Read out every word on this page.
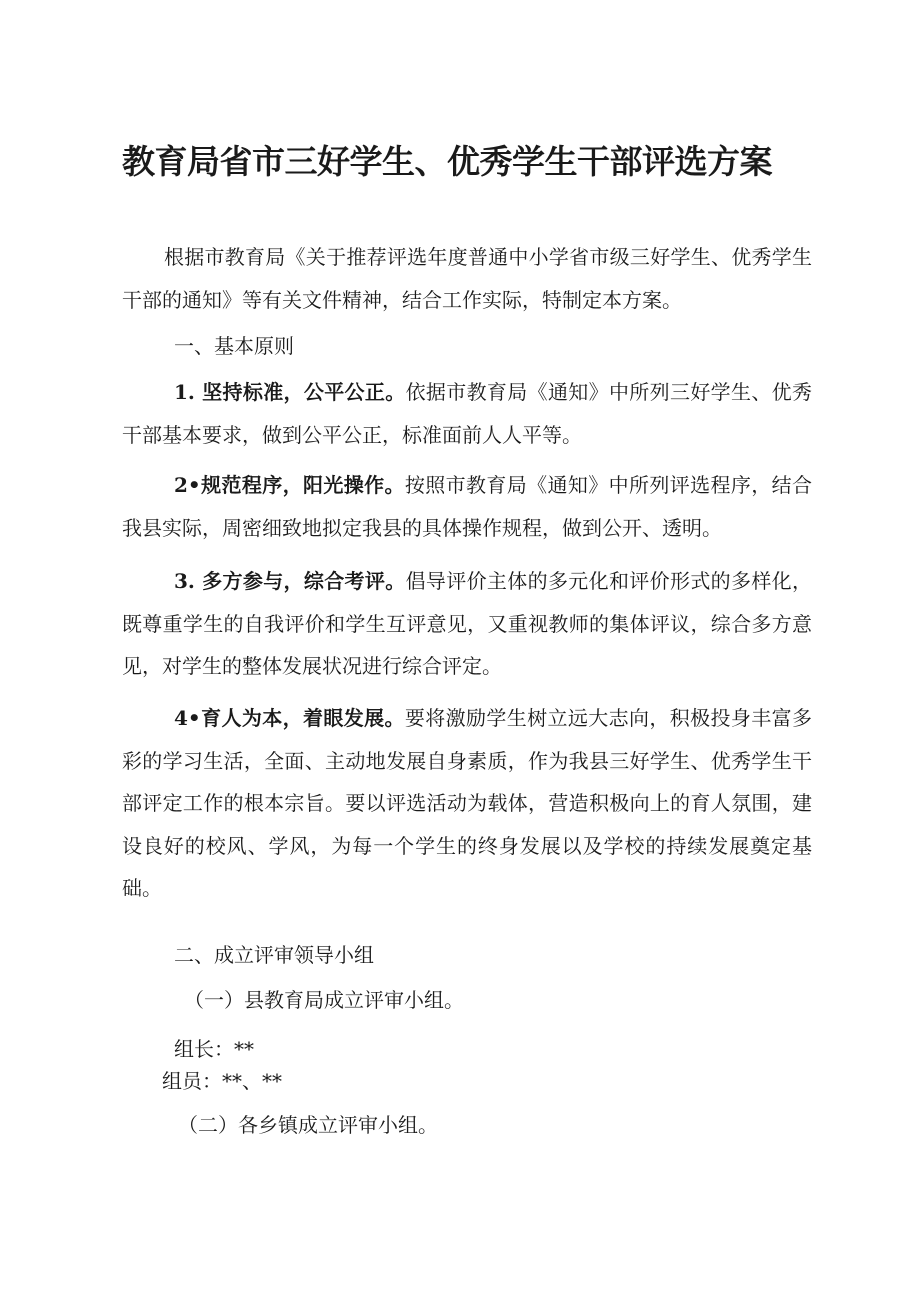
教育局省市三好学生、优秀学生干部评选方案

根据市教育局《关于推荐评选年度普通中小学省市级三好学生、优秀学生干部的通知》等有关文件精神，结合工作实际，特制定本方案。

一、基本原则

1. 坚持标准，公平公正。依据市教育局《通知》中所列三好学生、优秀干部基本要求，做到公平公正，标准面前人人平等。

2•规范程序，阳光操作。按照市教育局《通知》中所列评选程序，结合我县实际，周密细致地拟定我县的具体操作规程，做到公开、透明。

3. 多方参与，综合考评。倡导评价主体的多元化和评价形式的多样化，既尊重学生的自我评价和学生互评意见，又重视教师的集体评议，综合多方意见，对学生的整体发展状况进行综合评定。

4•育人为本，着眼发展。要将激励学生树立远大志向，积极投身丰富多彩的学习生活，全面、主动地发展自身素质，作为我县三好学生、优秀学生干部评定工作的根本宗旨。要以评选活动为载体，营造积极向上的育人氛围，建设良好的校风、学风，为每一个学生的终身发展以及学校的持续发展奠定基础。

二、成立评审领导小组

（一）县教育局成立评审小组。

组长：**

组员：**、**

（二）各乡镇成立评审小组。
